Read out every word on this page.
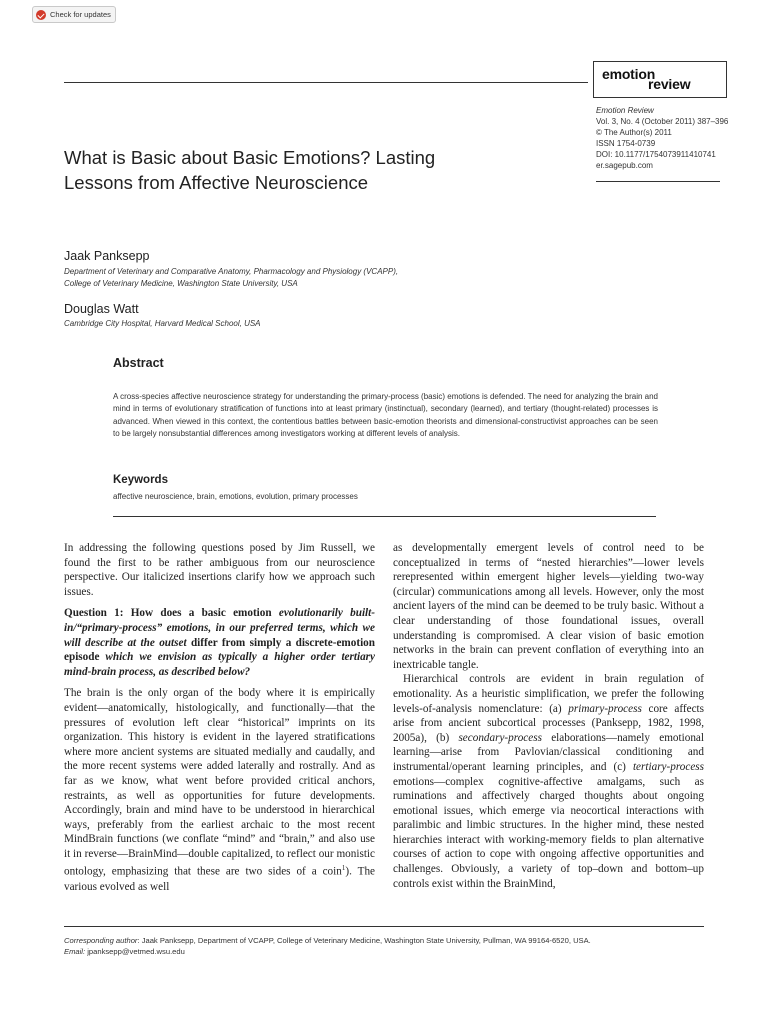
Check for updates
emotion
review
Emotion Review
Vol. 3, No. 4 (October 2011) 387–396
© The Author(s) 2011
ISSN 1754-0739
DOI: 10.1177/1754073911410741
er.sagepub.com
What is Basic about Basic Emotions? Lasting
Lessons from Affective Neuroscience
Jaak Panksepp
Department of Veterinary and Comparative Anatomy, Pharmacology and Physiology (VCAPP),
College of Veterinary Medicine, Washington State University, USA
Douglas Watt
Cambridge City Hospital, Harvard Medical School, USA
Abstract
A cross-species affective neuroscience strategy for understanding the primary-process (basic) emotions is defended. The need for analyzing the brain and mind in terms of evolutionary stratification of functions into at least primary (instinctual), secondary (learned), and tertiary (thought-related) processes is advanced. When viewed in this context, the contentious battles between basic-emotion theorists and dimensional-constructivist approaches can be seen to be largely nonsubstantial differences among investigators working at different levels of analysis.
Keywords
affective neuroscience, brain, emotions, evolution, primary processes

In addressing the following questions posed by Jim Russell, we found the first to be rather ambiguous from our neuroscience perspective. Our italicized insertions clarify how we approach such issues.

Question 1: How does a basic emotion evolutionarily built-in/“primary-process” emotions, in our preferred terms, which we will describe at the outset differ from simply a discrete-emotion episode which we envision as typically a higher order tertiary mind-brain process, as described below?

The brain is the only organ of the body where it is empirically evident—anatomically, histologically, and functionally—that the pressures of evolution left clear “historical” imprints on its organization. This history is evident in the layered stratifications where more ancient systems are situated medially and caudally, and the more recent systems were added laterally and rostrally. And as far as we know, what went before provided critical anchors, restraints, as well as opportunities for future developments. Accordingly, brain and mind have to be understood in hierarchical ways, preferably from the earliest archaic to the most recent MindBrain functions (we conflate “mind” and “brain,” and also use it in reverse—BrainMind—double capitalized, to reflect our monistic ontology, emphasizing that these are two sides of a coin$^1$). The various evolved as well

as developmentally emergent levels of control need to be conceptualized in terms of “nested hierarchies”—lower levels rerepresented within emergent higher levels—yielding two-way (circular) communications among all levels. However, only the most ancient layers of the mind can be deemed to be truly basic. Without a clear understanding of those foundational issues, overall understanding is compromised. A clear vision of basic emotion networks in the brain can prevent conflation of everything into an inextricable tangle.

Hierarchical controls are evident in brain regulation of emotionality. As a heuristic simplification, we prefer the following levels-of-analysis nomenclature: (a) primary-process core affects arise from ancient subcortical processes (Panksepp, 1982, 1998, 2005a), (b) secondary-process elaborations—namely emotional learning—arise from Pavlovian/classical conditioning and instrumental/operant learning principles, and (c) tertiary-process emotions—complex cognitive-affective amalgams, such as ruminations and affectively charged thoughts about ongoing emotional issues, which emerge via neocortical interactions with paralimbic and limbic structures. In the higher mind, these nested hierarchies interact with working-memory fields to plan alternative courses of action to cope with ongoing affective opportunities and challenges. Obviously, a variety of top–down and bottom–up controls exist within the BrainMind,

Corresponding author: Jaak Panksepp, Department of VCAPP, College of Veterinary Medicine, Washington State University, Pullman, WA 99164-6520, USA.
Email: jpanksepp@vetmed.wsu.edu
